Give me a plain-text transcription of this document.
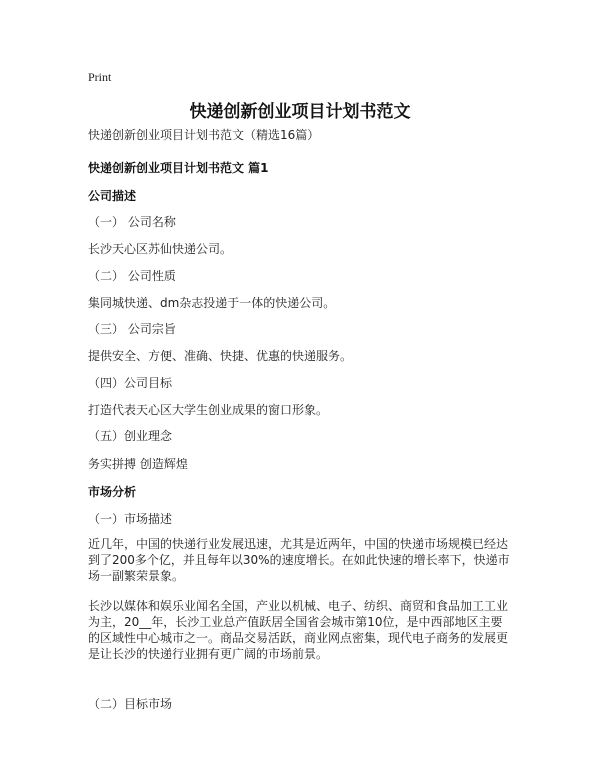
Print
快递创新创业项目计划书范文

快递创新创业项目计划书范文（精选16篇）

快递创新创业项目计划书范文 篇1

公司描述

（一） 公司名称

长沙天心区苏仙快递公司。

（二） 公司性质

集同城快递、dm杂志投递于一体的快递公司。

（三） 公司宗旨

提供安全、方便、准确、快捷、优惠的快递服务。

（四）公司目标

打造代表天心区大学生创业成果的窗口形象。

（五）创业理念

务实拼搏 创造辉煌

市场分析

（一）市场描述

近几年，中国的快递行业发展迅速，尤其是近两年，中国的快递市场规模已经达到了200多个亿，并且每年以30%的速度增长。在如此快速的增长率下，快递市场一副繁荣景象。

长沙以媒体和娱乐业闻名全国，产业以机械、电子、纺织、商贸和食品加工工业为主，20__年，长沙工业总产值跃居全国省会城市第10位，是中西部地区主要的区域性中心城市之一。商品交易活跃，商业网点密集，现代电子商务的发展更是让长沙的快递行业拥有更广阔的市场前景。

（二）目标市场
